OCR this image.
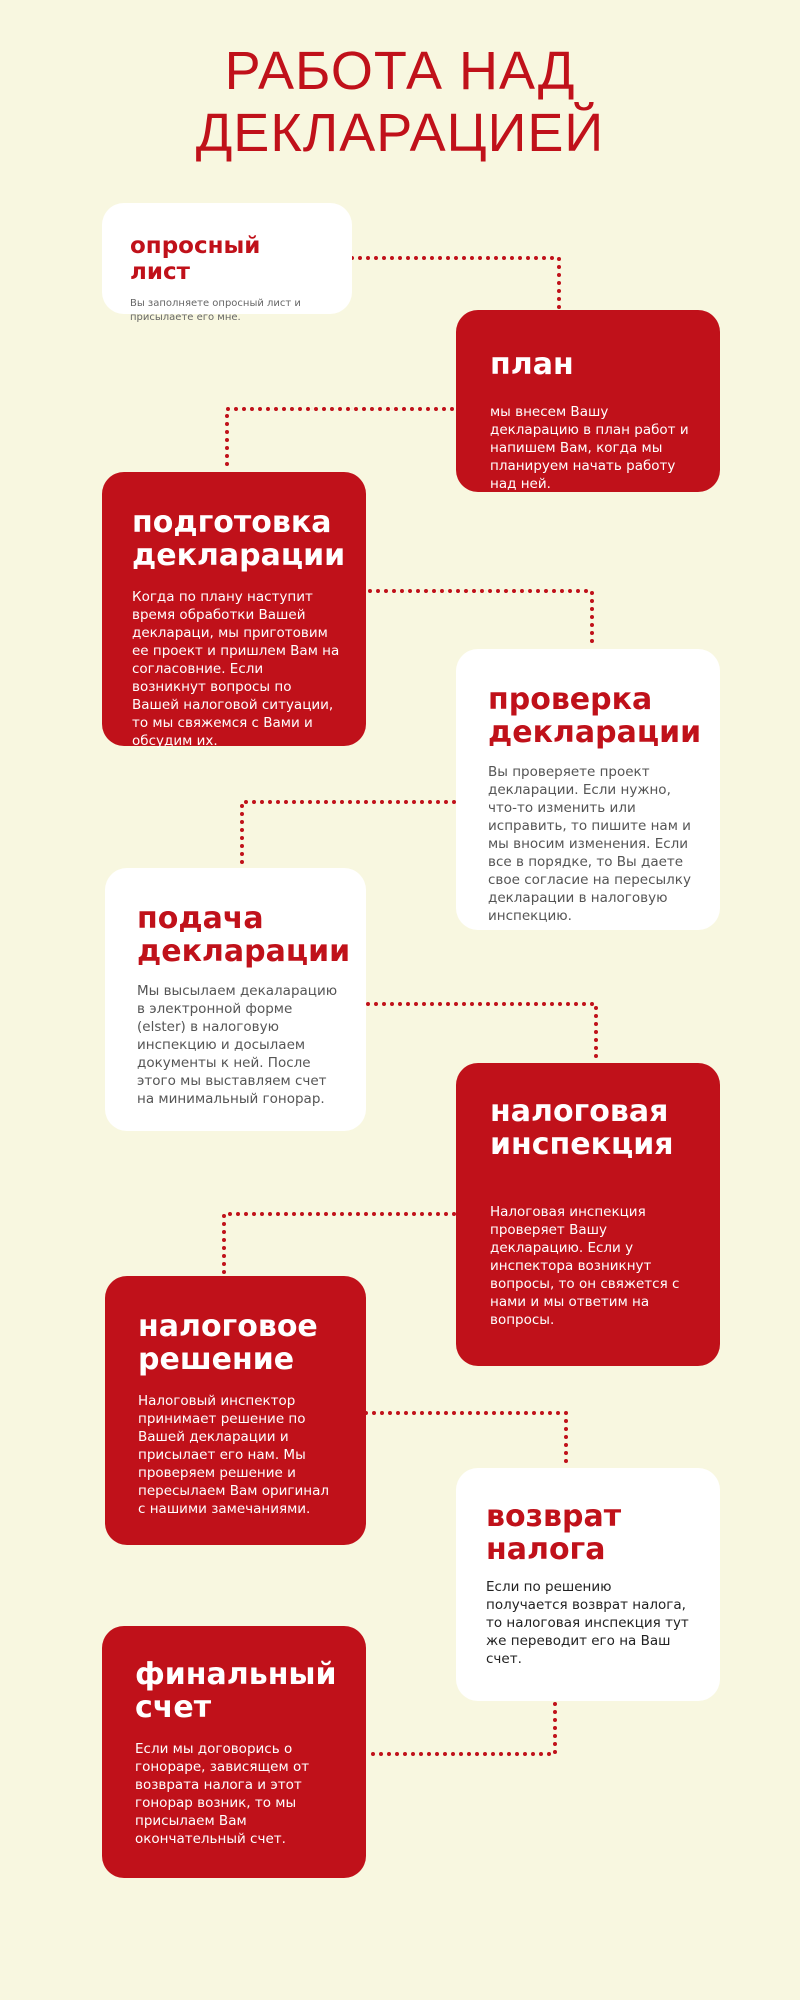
РАБОТА НАД
ДЕКЛАРАЦИЕЙ
опросный лист

Вы заполняете опросный лист и присылаете его мне.

план

мы внесем Вашу декларацию в план работ и напишем Вам, когда мы планируем начать работу над ней.

подготовка декларации

Когда по плану наступит время обработки Вашей деклараци, мы приготовим ее проект и пришлем Вам на согласовние. Если возникнут вопросы по Вашей налоговой ситуации, то мы свяжемся с Вами и обсудим их.

проверка декларации

Вы проверяете проект декларации. Если нужно, что-то изменить или исправить, то пишите нам и мы вносим изменения. Если все в порядке, то Вы даете свое согласие на пересылку декларации в налоговую инспекцию.

подача декларации

Мы высылаем декаларацию в электронной форме (elster) в налоговую инспекцию и досылаем документы к ней. После этого мы выставляем счет на минимальный гонорар.	налоговая инспекция

Налоговая инспекция проверяет Вашу декларацию. Если у инспектора возникнут вопросы, то он свяжется с нами и мы ответим на вопросы.

налоговое решение

Налоговый инспектор принимает решение по Вашей декларации и присылает его нам. Мы проверяем решение и пересылаем Вам оригинал с нашими замечаниями.	возврат налога

Если по решению получается возврат налога, то налоговая инспекция тут же переводит его на Ваш счет.

финальный счет

Если мы договорись о гонораре, зависящем от возврата налога и этот гонорар возник, то мы присылаем Вам окончательный счет.
